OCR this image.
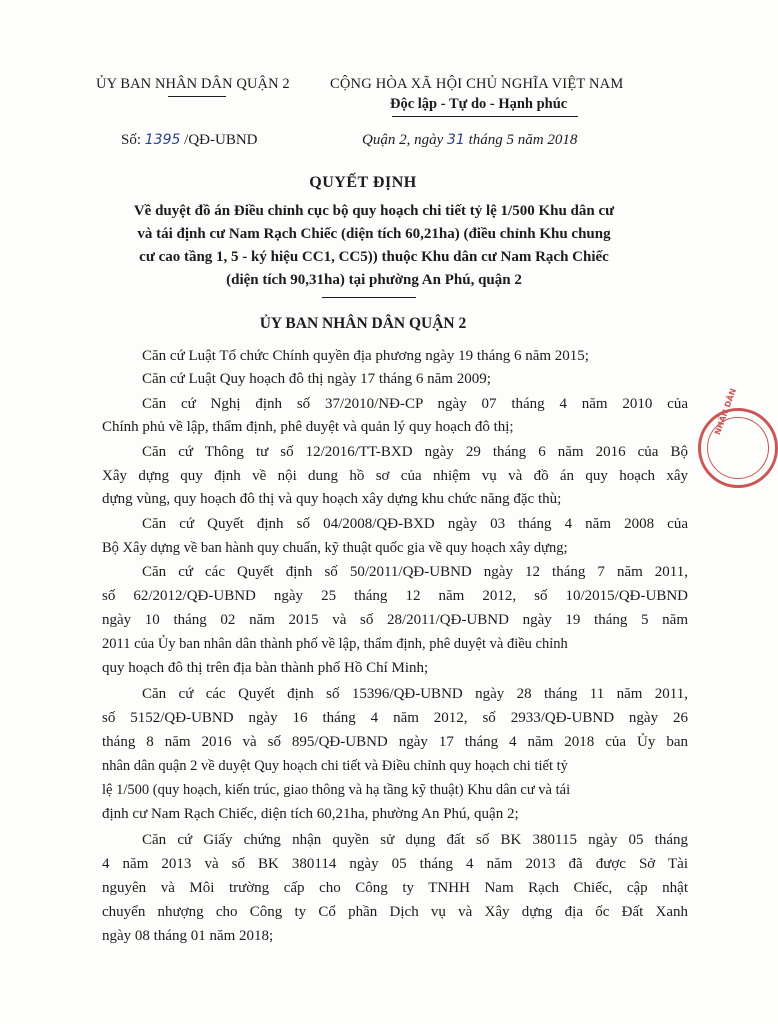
ỦY BAN NHÂN DÂN QUẬN 2	CỘNG HÒA XÃ HỘI CHỦ NGHĨA VIỆT NAM
Độc lập - Tự do - Hạnh phúc
Số: 1395 /QĐ-UBND	Quận 2, ngày 31 tháng 5 năm 2018
QUYẾT ĐỊNH
Về duyệt đồ án Điều chỉnh cục bộ quy hoạch chi tiết tỷ lệ 1/500 Khu dân cư
và tái định cư Nam Rạch Chiếc (diện tích 60,21ha) (điều chỉnh Khu chung
cư cao tầng 1, 5 - ký hiệu CC1, CC5)) thuộc Khu dân cư Nam Rạch Chiếc
(diện tích 90,31ha) tại phường An Phú, quận 2
ỦY BAN NHÂN DÂN QUẬN 2
Căn cứ Luật Tổ chức Chính quyền địa phương ngày 19 tháng 6 năm 2015;
Căn cứ Luật Quy hoạch đô thị ngày 17 tháng 6 năm 2009;
Căn cứ Nghị định số 37/2010/NĐ-CP ngày 07 tháng 4 năm 2010 của
Chính phủ về lập, thẩm định, phê duyệt và quản lý quy hoạch đô thị;
Căn cứ Thông tư số 12/2016/TT-BXD ngày 29 tháng 6 năm 2016 của Bộ
Xây dựng quy định về nội dung hồ sơ của nhiệm vụ và đồ án quy hoạch xây
dựng vùng, quy hoạch đô thị và quy hoạch xây dựng khu chức năng đặc thù;
Căn cứ Quyết định số 04/2008/QĐ-BXD ngày 03 tháng 4 năm 2008 của
Bộ Xây dựng về ban hành quy chuẩn, kỹ thuật quốc gia về quy hoạch xây dựng;
Căn cứ các Quyết định số 50/2011/QĐ-UBND ngày 12 tháng 7 năm 2011,
số 62/2012/QĐ-UBND ngày 25 tháng 12 năm 2012, số 10/2015/QĐ-UBND
ngày 10 tháng 02 năm 2015 và số 28/2011/QĐ-UBND ngày 19 tháng 5 năm
2011 của Ủy ban nhân dân thành phố về lập, thẩm định, phê duyệt và điều chỉnh
quy hoạch đô thị trên địa bàn thành phố Hồ Chí Minh;
Căn cứ các Quyết định số 15396/QĐ-UBND ngày 28 tháng 11 năm 2011,
số 5152/QĐ-UBND ngày 16 tháng 4 năm 2012, số 2933/QĐ-UBND ngày 26
tháng 8 năm 2016 và số 895/QĐ-UBND ngày 17 tháng 4 năm 2018 của Ủy ban
nhân dân quận 2 về duyệt Quy hoạch chi tiết và Điều chỉnh quy hoạch chi tiết tỷ
lệ 1/500 (quy hoạch, kiến trúc, giao thông và hạ tầng kỹ thuật) Khu dân cư và tái
định cư Nam Rạch Chiếc, diện tích 60,21ha, phường An Phú, quận 2;
Căn cứ Giấy chứng nhận quyền sử dụng đất số BK 380115 ngày 05 tháng
4 năm 2013 và số BK 380114 ngày 05 tháng 4 năm 2013 đã được Sở Tài
nguyên và Môi trường cấp cho Công ty TNHH Nam Rạch Chiếc, cập nhật
chuyển nhượng cho Công ty Cổ phần Dịch vụ và Xây dựng địa ốc Đất Xanh
ngày 08 tháng 01 năm 2018;
NHÂN DÂN
